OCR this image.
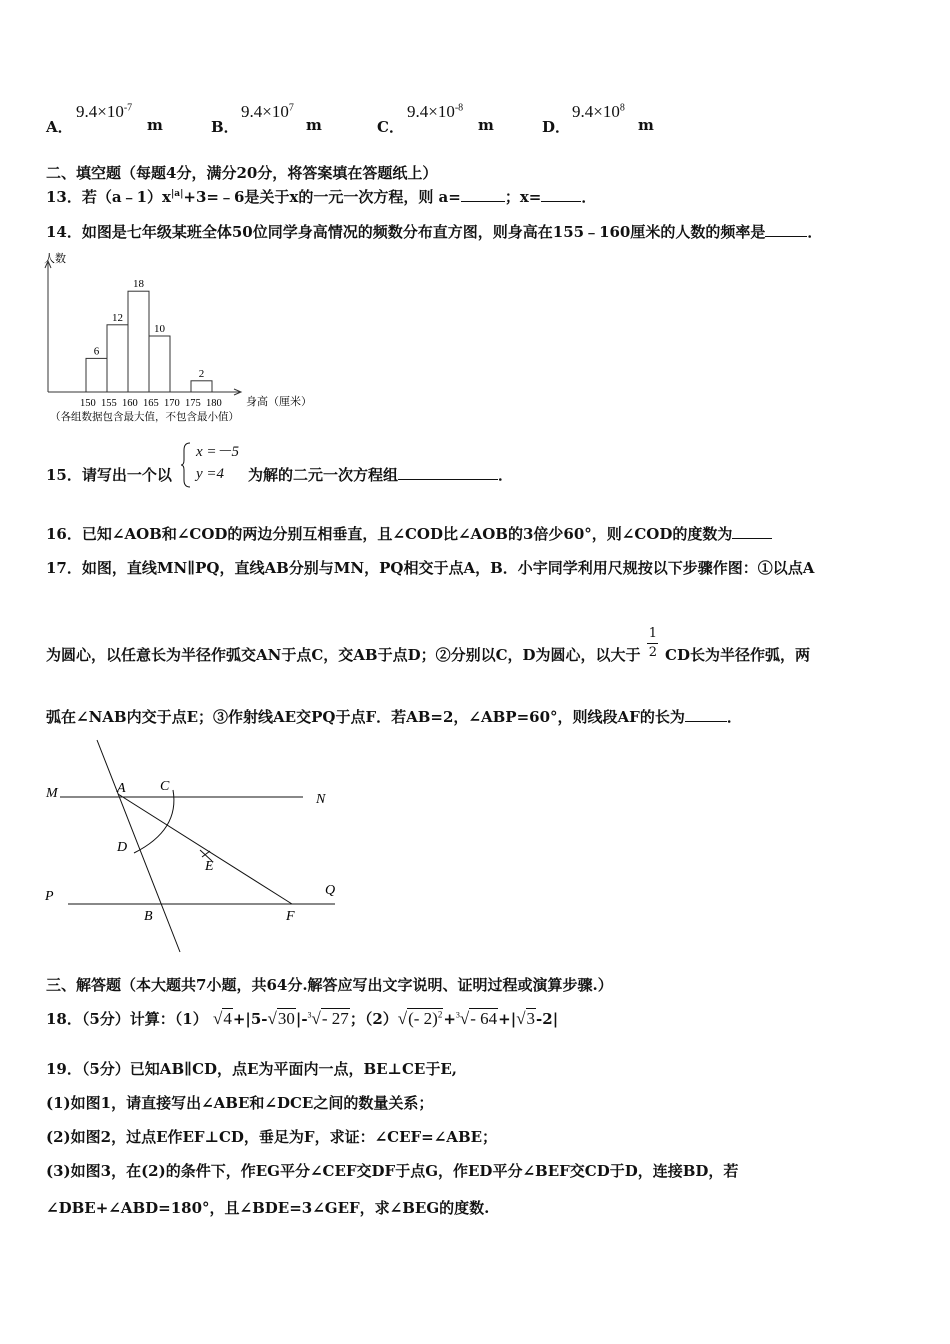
A．
$9.4\times 10^{-7}$
m	B．
$9.4\times 10^7$
m	C．
$9.4\times 10^{-8}$
m	D．
$9.4\times 10^8$
m
二、填空题（每题4分，满分20分，将答案填在答题纸上）
13．若$(a﹣1)x^{|a|}+3=﹣6$是关于x的一元一次方程，则 a=	；x=	．
14．如图是七年级某班全体50位同学身高情况的频数分布直方图，则身高在155﹣160厘米的人数的频率是	．
6
12
18
10
2
150 155 160 165 170 175 180
人数
身高（厘米）
（各组数据包含最大值，不包含最小值）
15．请写出一个以
x =－5
y =4 为解的二元一次方程组	．
16．已知∠AOB和∠COD的两边分别互相垂直，且∠COD比∠AOB的3倍少60°，则∠COD的度数为
17．如图，直线MN∥PQ，直线AB分别与MN，PQ相交于点A，B．小宇同学利用尺规按以下步骤作图：①以点A
为圆心，以任意长为半径作弧交AN于点C，交AB于点D；②分别以C，D为圆心，以大于 $\frac{1}{2}$ CD长为半径作弧，两
弧在∠NAB内交于点E；③作射线AE交PQ于点F．若AB=2，∠ABP=60°，则线段AF的长为	．
M	N
A C
D
E
P	Q
B	F
三、解答题（本大题共7小题，共64分.解答应写出文字说明、证明过程或演算步骤.）
18．（5分）计算：（1） √4+|5-√30|-$^3$√- 27；（2）√(- 2)$^2$+$^3$√- 64+|√3-2|
19．（5分）已知AB∥CD，点E为平面内一点，BE⊥CE于E,
(1)如图1，请直接写出∠ABE和∠DCE之间的数量关系；
(2)如图2，过点E作EF⊥CD，垂足为F，求证：∠CEF=∠ABE；
(3)如图3，在(2)的条件下，作EG平分∠CEF交DF于点G，作ED平分∠BEF交CD于D，连接BD，若
∠DBE+∠ABD=180°，且∠BDE=3∠GEF，求∠BEG的度数.
